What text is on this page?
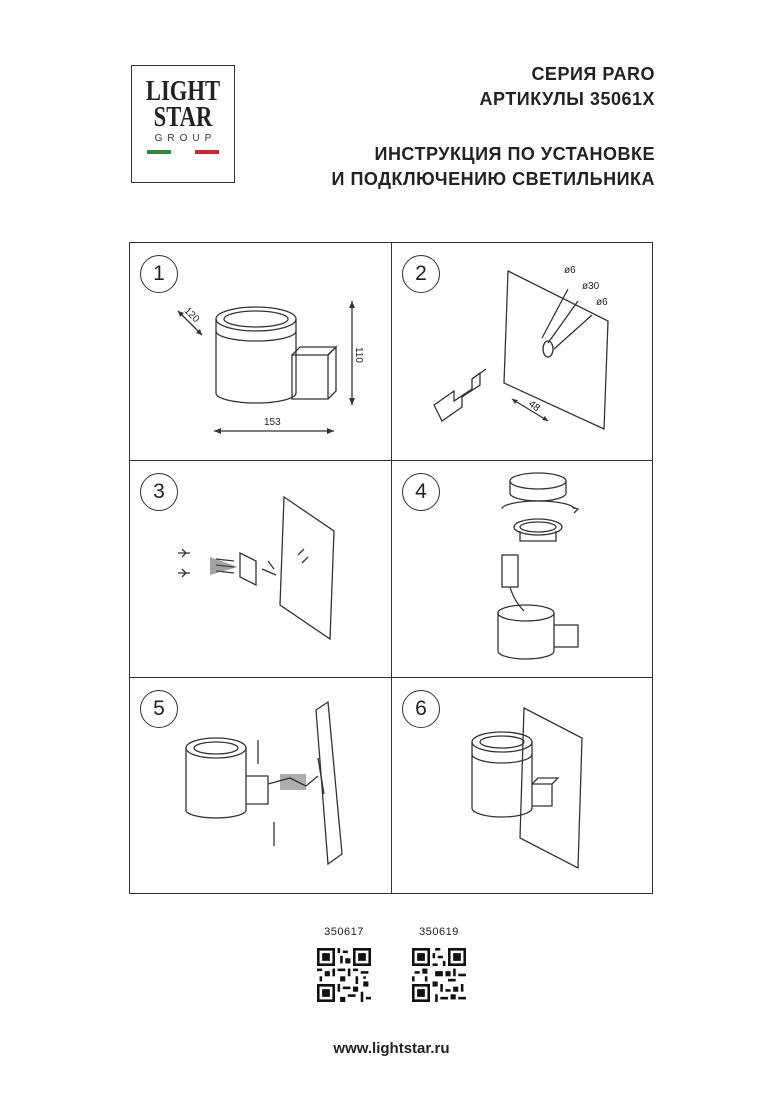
LIGHT
STAR
GROUP
СЕРИЯ PARO
АРТИКУЛЫ 35061X
ИНСТРУКЦИЯ ПО УСТАНОВКЕ
И ПОДКЛЮЧЕНИЮ СВЕТИЛЬНИКА
1
120
110
153
2	ø6
ø30
ø6
48
3	4
5	6
350617	350619
www.lightstar.ru
